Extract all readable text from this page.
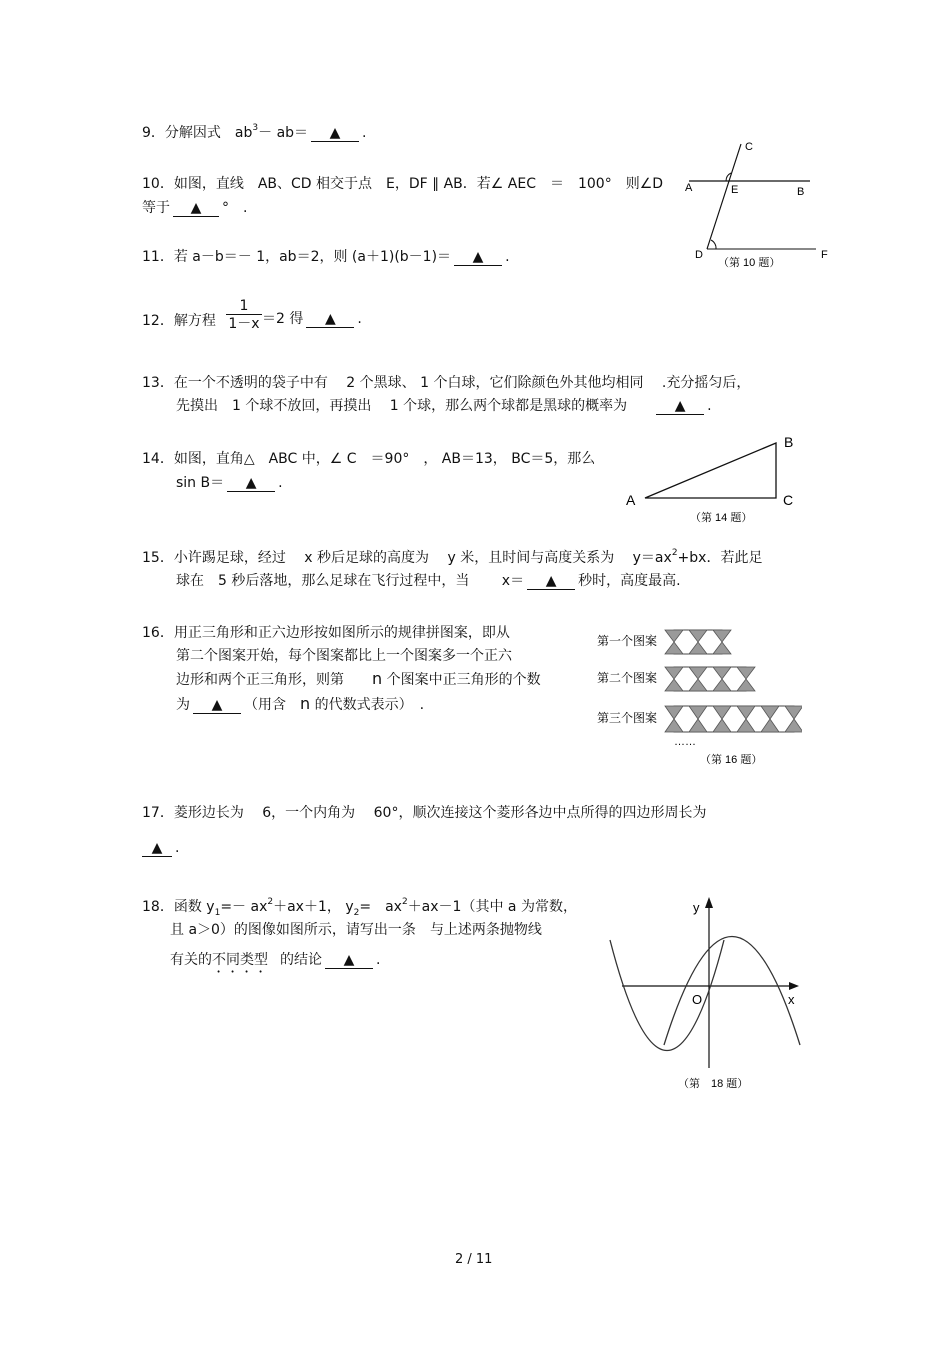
9．分解因式　$ab^3- ab=$ ▲ .
10．如图，直线　AB、CD 相交于点　E，DF ∥ AB．若∠ AEC　＝　100°　则∠D
等于 ▲ °　.
C
A	E	B
D	F
（第 10 题）
11．若 a－b＝－ 1，ab＝2，则 (a＋1)(b－1)＝ ▲ .
12．解方程 $\frac{1}{1-x} =2$ 得 ▲ .
13．在一个不透明的袋子中有　 2 个黑球、 1 个白球，它们除颜色外其他均相同　 .充分摇匀后，
先摸出　1 个球不放回，再摸出　 1 个球，那么两个球都是黑球的概率为	▲ .
14．如图，直角△　ABC 中，∠ C　＝90°　， AB＝13， BC＝5，那么
sin B＝ ▲ .
B
A	C
（第 14 题）
15．小许踢足球，经过　 x 秒后足球的高度为　 y 米，且时间与高度关系为　 $y=ax^2+bx$．若此足
球在　5 秒后落地，那么足球在飞行过程中，当　　 x＝ ▲ 秒时，高度最高.
16．用正三角形和正六边形按如图所示的规律拼图案，即从
第二个图案开始，每个图案都比上一个图案多一个正六
边形和两个正三角形，则第 n 个图案中正三角形的个数
为 ▲ （用含 n 的代数式表示）　.
第一个图案
第二个图案
第三个图案
……
（第 16 题）
17．菱形边长为　 6，一个内角为　 60°，顺次连接这个菱形各边中点所得的四边形周长为
▲ .
18．函数 $y_1=- ax^2+ax+1$， $y_2=$　$ax^2+ax-1$（其中 a 为常数，
且 a＞0）的图像如图所示，请写出一条　 与上述两条抛物线
有关的不同类型 的结论 ▲ .
y
x
O
（第　18 题）
2 / 11
